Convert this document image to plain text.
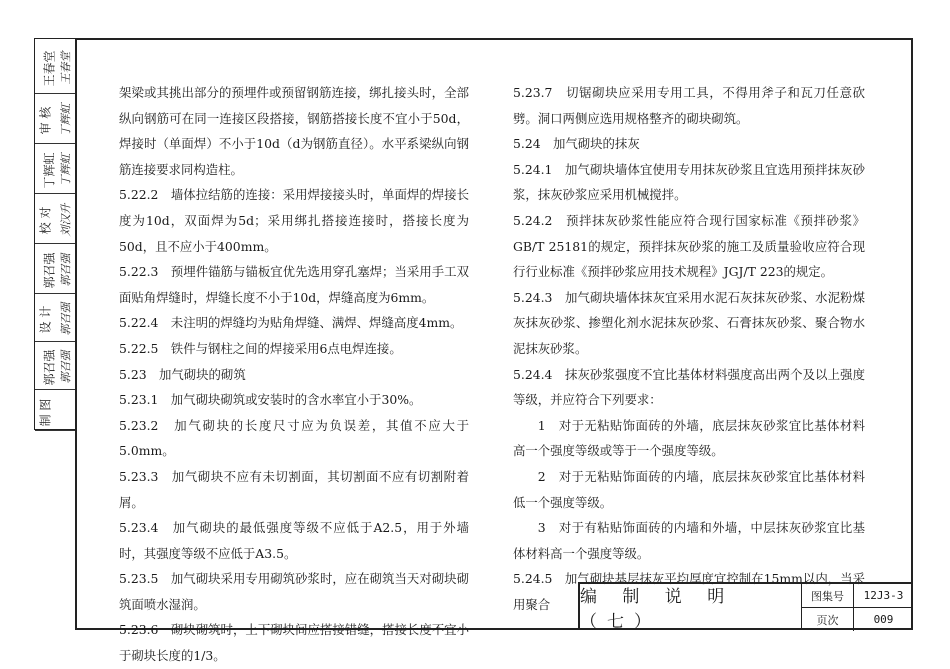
王春堂 王春堂
审 核 丁辉虹
丁辉虹 丁辉虹
校 对 刘汉升
郭召强 郭召强
设 计 郭召强
郭召强 郭召强
制 图

架梁或其挑出部分的预埋件或预留钢筋连接，绑扎接头时，全部纵向钢筋可在同一连接区段搭接，钢筋搭接长度不宜小于50d，焊接时（单面焊）不小于10d（d为钢筋直径）。水平系梁纵向钢筋连接要求同构造柱。

5.22.2　墙体拉结筋的连接：采用焊接接头时，单面焊的焊接长度为10d，双面焊为5d；采用绑扎搭接连接时，搭接长度为50d，且不应小于400mm。

5.22.3　预埋件锚筋与锚板宜优先选用穿孔塞焊；当采用手工双面贴角焊缝时，焊缝长度不小于10d，焊缝高度为6mm。

5.22.4　未注明的焊缝均为贴角焊缝、满焊、焊缝高度4mm。

5.22.5　铁件与钢柱之间的焊接采用6点电焊连接。

5.23　加气砌块的砌筑

5.23.1　加气砌块砌筑或安装时的含水率宜小于30%。

5.23.2　加气砌块的长度尺寸应为负误差，其值不应大于5.0mm。

5.23.3　加气砌块不应有未切割面，其切割面不应有切割附着屑。

5.23.4　加气砌块的最低强度等级不应低于A2.5，用于外墙时，其强度等级不应低于A3.5。

5.23.5　加气砌块采用专用砌筑砂浆时，应在砌筑当天对砌块砌筑面喷水湿润。

5.23.6　砌块砌筑时，上下砌块间应搭接错缝，搭接长度不宜小于砌块长度的1/3。

5.23.7　切锯砌块应采用专用工具，不得用斧子和瓦刀任意砍劈。洞口两侧应选用规格整齐的砌块砌筑。

5.24　加气砌块的抹灰

5.24.1　加气砌块墙体宜使用专用抹灰砂浆且宜选用预拌抹灰砂浆，抹灰砂浆应采用机械搅拌。

5.24.2　预拌抹灰砂浆性能应符合现行国家标准《预拌砂浆》GB/T 25181的规定，预拌抹灰砂浆的施工及质量验收应符合现行行业标准《预拌砂浆应用技术规程》JGJ/T 223的规定。

5.24.3　加气砌块墙体抹灰宜采用水泥石灰抹灰砂浆、水泥粉煤灰抹灰砂浆、掺塑化剂水泥抹灰砂浆、石膏抹灰砂浆、聚合物水泥抹灰砂浆。

5.24.4　抹灰砂浆强度不宜比基体材料强度高出两个及以上强度等级，并应符合下列要求：

1　对于无粘贴饰面砖的外墙，底层抹灰砂浆宜比基体材料高一个强度等级或等于一个强度等级。

2　对于无粘贴饰面砖的内墙，底层抹灰砂浆宜比基体材料低一个强度等级。

3　对于有粘贴饰面砖的内墙和外墙，中层抹灰砂浆宜比基体材料高一个强度等级。

5.24.5　加气砌块基层抹灰平均厚度宜控制在15mm以内，当采用聚合	编 制 说 明（七）
图集号	12J3-3
页次	009
